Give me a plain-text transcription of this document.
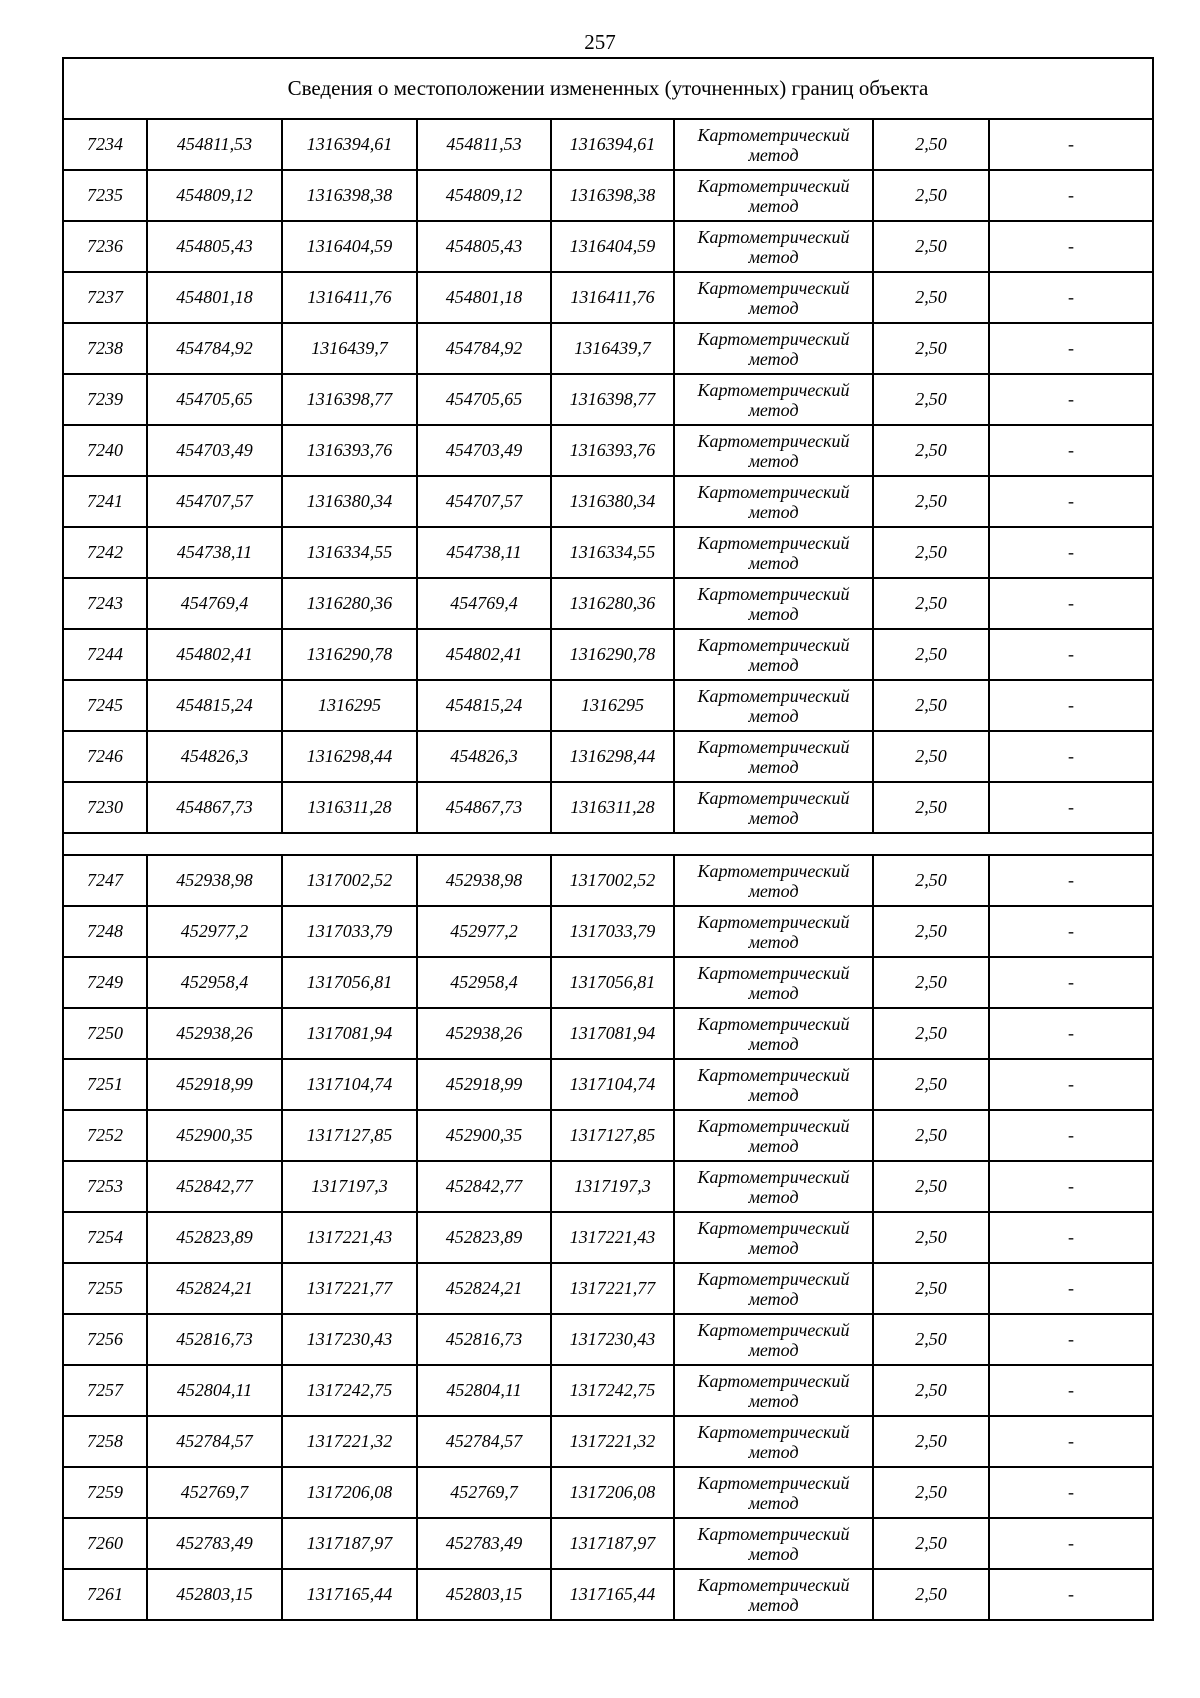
257
Сведения о местоположении измененных (уточненных) границ объекта							
7234	454811,53	1316394,61	454811,53	1316394,61	Картометрический
метод	2,50	-
7235	454809,12	1316398,38	454809,12	1316398,38	Картометрический
метод	2,50	-
7236	454805,43	1316404,59	454805,43	1316404,59	Картометрический
метод	2,50	-
7237	454801,18	1316411,76	454801,18	1316411,76	Картометрический
метод	2,50	-
7238	454784,92	1316439,7	454784,92	1316439,7	Картометрический
метод	2,50	-
7239	454705,65	1316398,77	454705,65	1316398,77	Картометрический
метод	2,50	-
7240	454703,49	1316393,76	454703,49	1316393,76	Картометрический
метод	2,50	-
7241	454707,57	1316380,34	454707,57	1316380,34	Картометрический
метод	2,50	-
7242	454738,11	1316334,55	454738,11	1316334,55	Картометрический
метод	2,50	-
7243	454769,4	1316280,36	454769,4	1316280,36	Картометрический
метод	2,50	-
7244	454802,41	1316290,78	454802,41	1316290,78	Картометрический
метод	2,50	-
7245	454815,24	1316295	454815,24	1316295	Картометрический
метод	2,50	-
7246	454826,3	1316298,44	454826,3	1316298,44	Картометрический
метод	2,50	-
7230	454867,73	1316311,28	454867,73	1316311,28	Картометрический
метод	2,50	-

7247	452938,98	1317002,52	452938,98	1317002,52	Картометрический
метод	2,50	-
7248	452977,2	1317033,79	452977,2	1317033,79	Картометрический
метод	2,50	-
7249	452958,4	1317056,81	452958,4	1317056,81	Картометрический
метод	2,50	-
7250	452938,26	1317081,94	452938,26	1317081,94	Картометрический
метод	2,50	-
7251	452918,99	1317104,74	452918,99	1317104,74	Картометрический
метод	2,50	-
7252	452900,35	1317127,85	452900,35	1317127,85	Картометрический
метод	2,50	-
7253	452842,77	1317197,3	452842,77	1317197,3	Картометрический
метод	2,50	-
7254	452823,89	1317221,43	452823,89	1317221,43	Картометрический
метод	2,50	-
7255	452824,21	1317221,77	452824,21	1317221,77	Картометрический
метод	2,50	-
7256	452816,73	1317230,43	452816,73	1317230,43	Картометрический
метод	2,50	-
7257	452804,11	1317242,75	452804,11	1317242,75	Картометрический
метод	2,50	-
7258	452784,57	1317221,32	452784,57	1317221,32	Картометрический
метод	2,50	-
7259	452769,7	1317206,08	452769,7	1317206,08	Картометрический
метод	2,50	-
7260	452783,49	1317187,97	452783,49	1317187,97	Картометрический
метод	2,50	-
7261	452803,15	1317165,44	452803,15	1317165,44	Картометрический
метод	2,50	-
